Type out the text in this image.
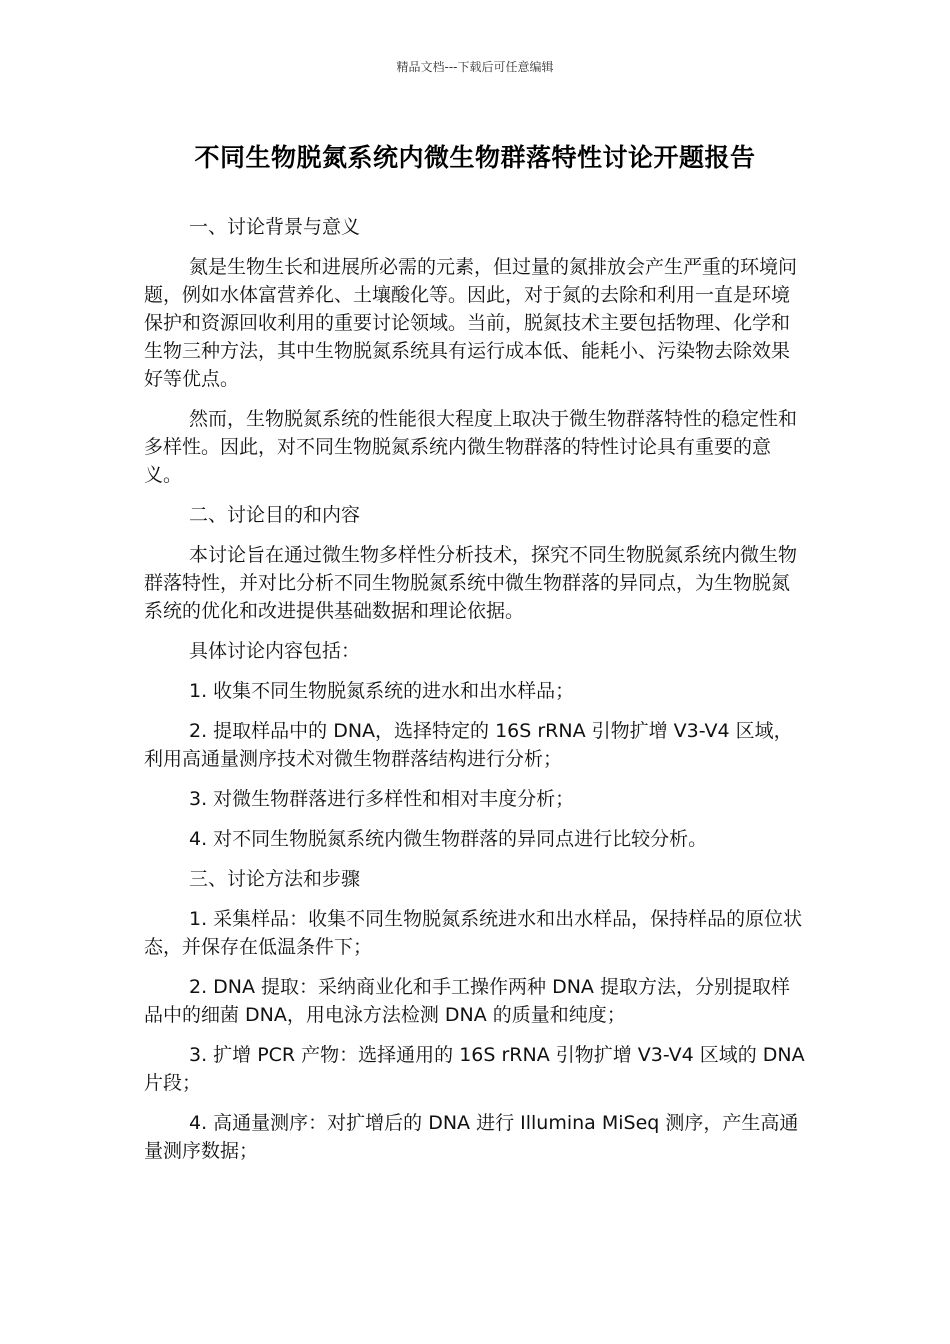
精品文档---下载后可任意编辑
不同生物脱氮系统内微生物群落特性讨论开题报告

一、讨论背景与意义

氮是生物生长和进展所必需的元素，但过量的氮排放会产生严重的环境问题，例如水体富营养化、土壤酸化等。因此，对于氮的去除和利用一直是环境保护和资源回收利用的重要讨论领域。当前，脱氮技术主要包括物理、化学和生物三种方法，其中生物脱氮系统具有运行成本低、能耗小、污染物去除效果好等优点。

然而，生物脱氮系统的性能很大程度上取决于微生物群落特性的稳定性和多样性。因此，对不同生物脱氮系统内微生物群落的特性讨论具有重要的意义。

二、讨论目的和内容

本讨论旨在通过微生物多样性分析技术，探究不同生物脱氮系统内微生物群落特性，并对比分析不同生物脱氮系统中微生物群落的异同点，为生物脱氮系统的优化和改进提供基础数据和理论依据。

具体讨论内容包括：

1. 收集不同生物脱氮系统的进水和出水样品；

2. 提取样品中的 DNA，选择特定的 16S rRNA 引物扩增 V3-V4 区域，利用高通量测序技术对微生物群落结构进行分析；

3. 对微生物群落进行多样性和相对丰度分析；

4. 对不同生物脱氮系统内微生物群落的异同点进行比较分析。

三、讨论方法和步骤

1. 采集样品：收集不同生物脱氮系统进水和出水样品，保持样品的原位状态，并保存在低温条件下；

2. DNA 提取：采纳商业化和手工操作两种 DNA 提取方法，分别提取样品中的细菌 DNA，用电泳方法检测 DNA 的质量和纯度；

3. 扩增 PCR 产物：选择通用的 16S rRNA 引物扩增 V3-V4 区域的 DNA 片段；

4. 高通量测序：对扩增后的 DNA 进行 Illumina MiSeq 测序，产生高通量测序数据；
